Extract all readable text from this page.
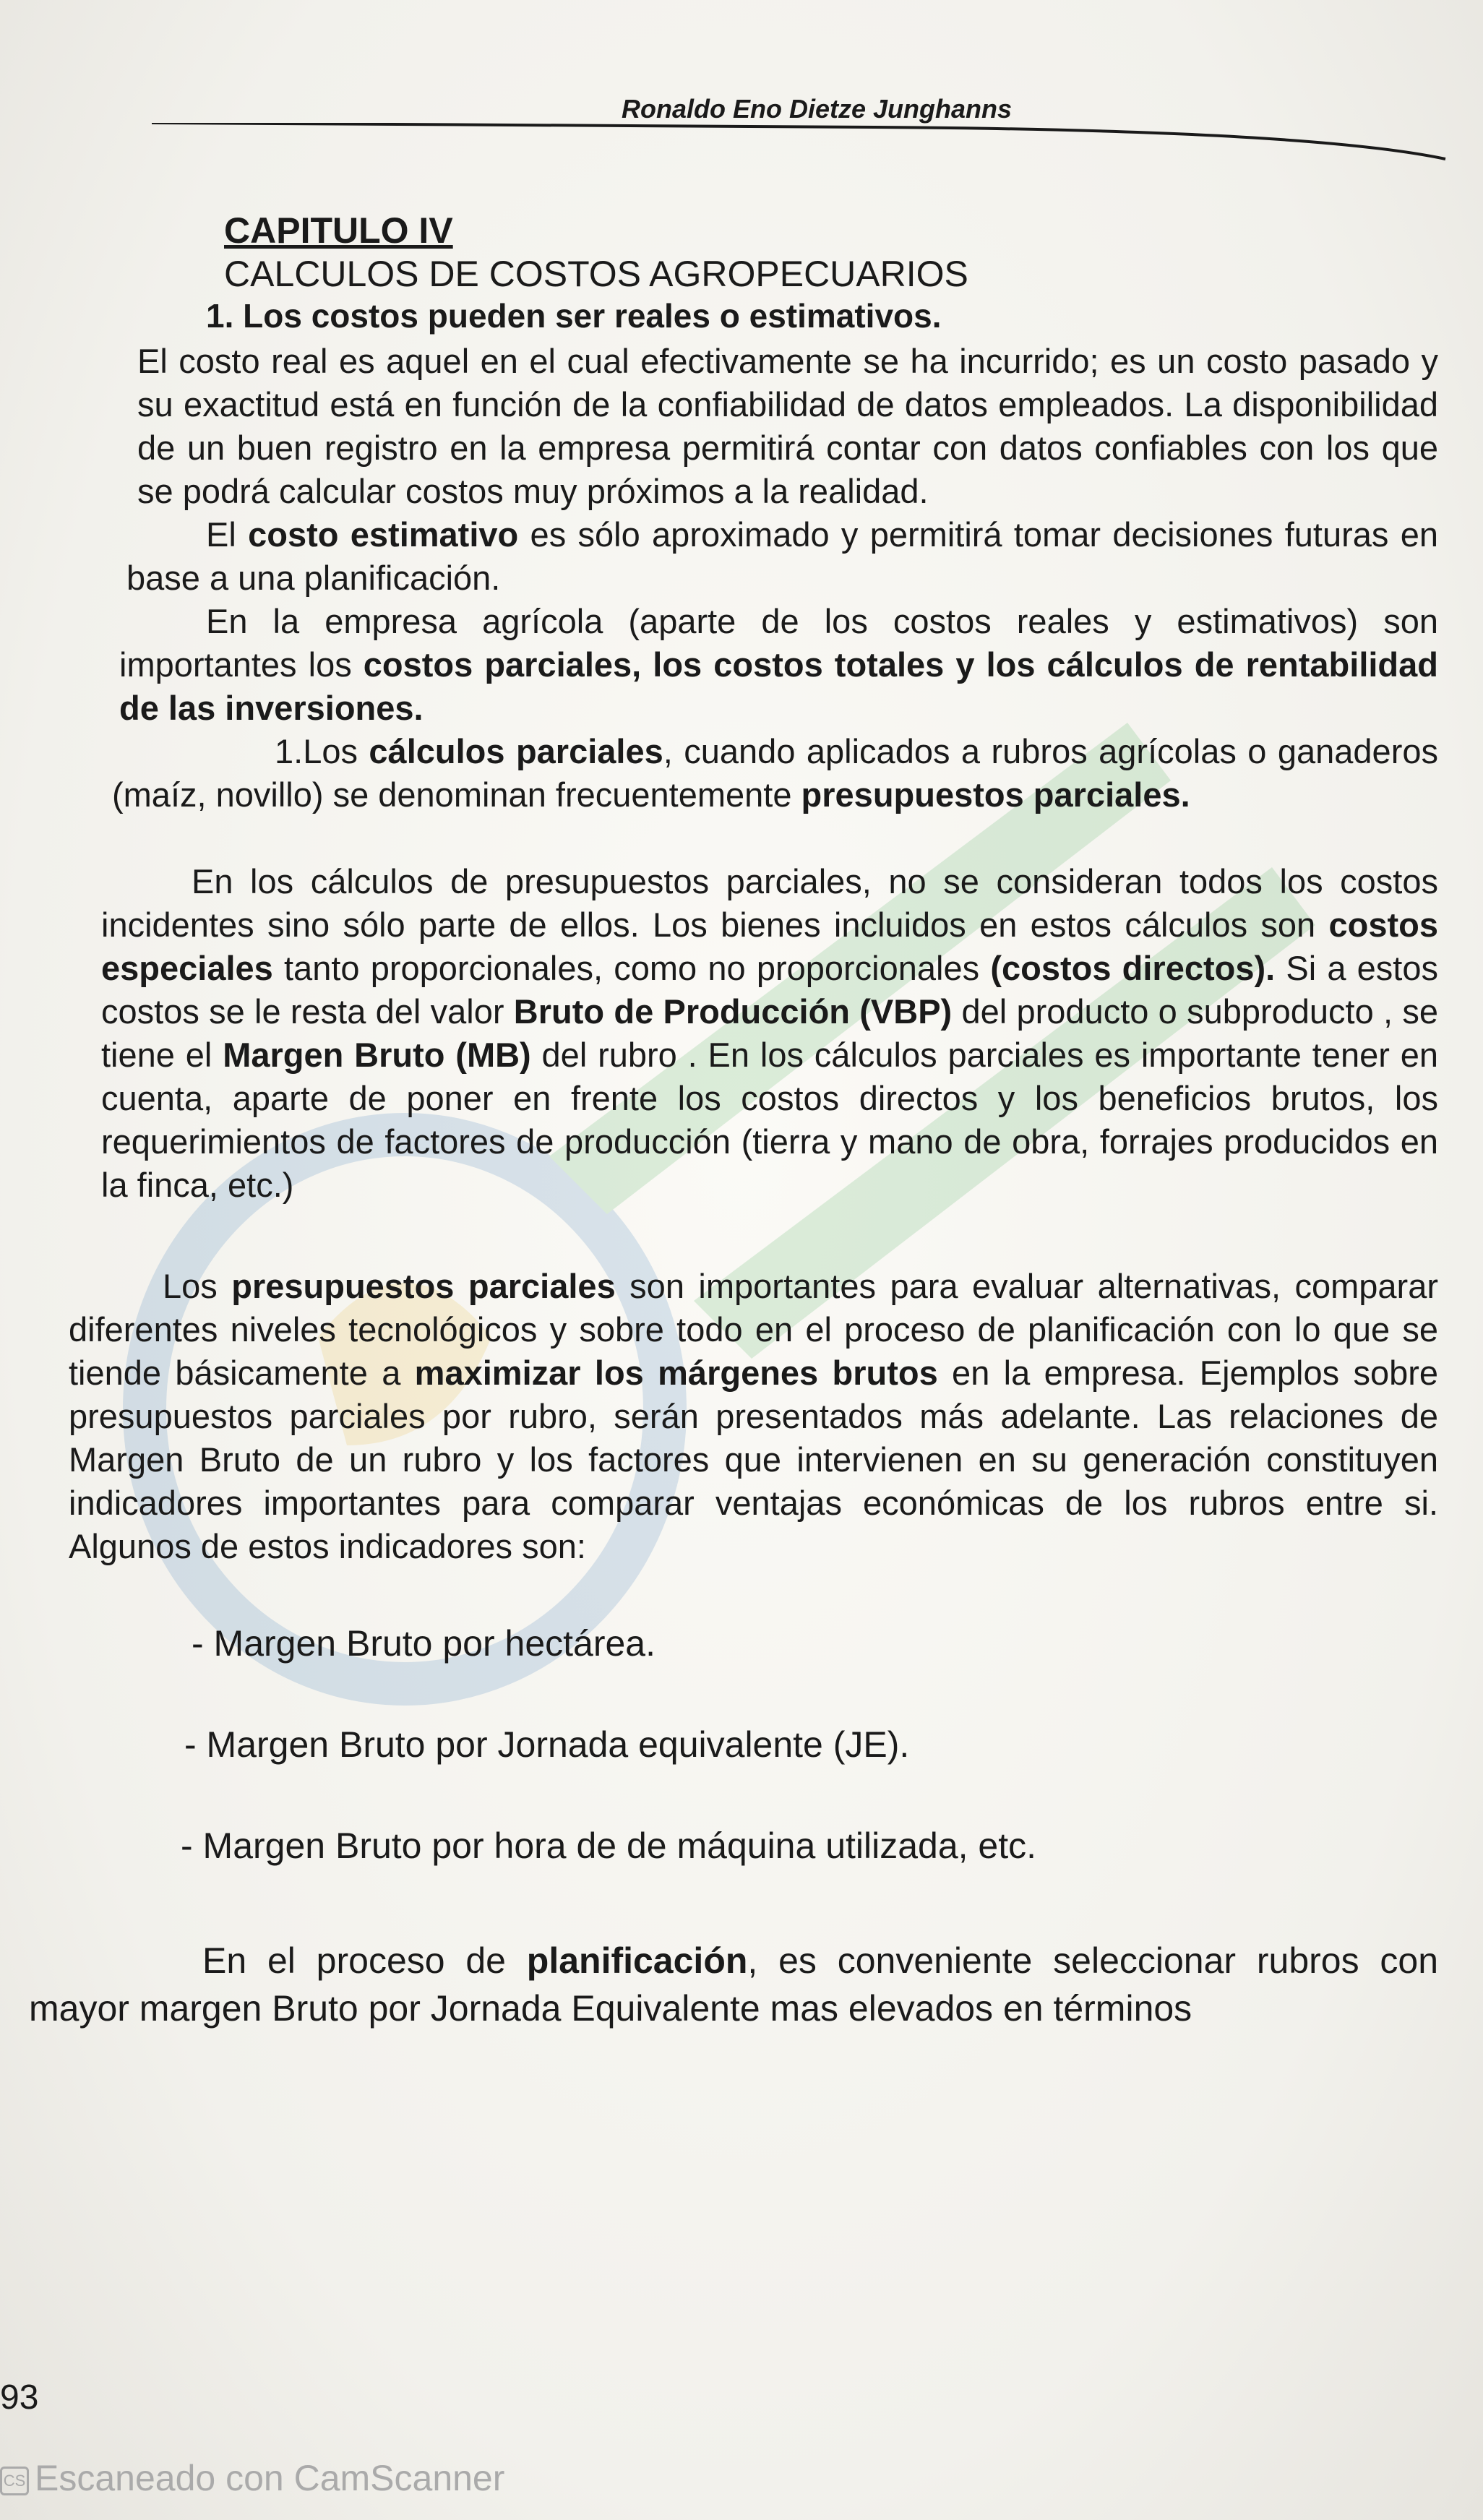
Ronaldo Eno Dietze Junghanns
CAPITULO IV
CALCULOS DE COSTOS AGROPECUARIOS
1. Los costos pueden ser reales o estimativos.
El costo real es aquel en el cual efectivamente se ha incurrido; es un costo pasado y su exactitud está en función de la confiabilidad de datos empleados. La disponibilidad de un buen registro en la empresa permitirá contar con datos confiables con los que se podrá calcular costos muy próximos a la realidad.
El costo estimativo es sólo aproximado y permitirá tomar decisiones futuras en base a una planificación.
En la empresa agrícola (aparte de los costos reales y estimativos) son importantes los costos parciales, los costos totales y los cálculos de rentabilidad de las inversiones.
1.Los cálculos parciales, cuando aplicados a rubros agrícolas o ganaderos (maíz, novillo) se denominan frecuentemente presupuestos parciales.
En los cálculos de presupuestos parciales, no se consideran todos los costos incidentes sino sólo parte de ellos. Los bienes incluidos en estos cálculos son costos especiales tanto proporcionales, como no proporcionales (costos directos). Si a estos costos se le resta del valor Bruto de Producción (VBP) del producto o subproducto , se tiene el Margen Bruto (MB) del rubro . En los cálculos parciales es importante tener en cuenta, aparte de poner en frente los costos directos y los beneficios brutos, los requerimientos de factores de producción (tierra y mano de obra, forrajes producidos en la finca, etc.)
Los presupuestos parciales son importantes para evaluar alternativas, comparar diferentes niveles tecnológicos y sobre todo en el proceso de planificación con lo que se tiende básicamente a maximizar los márgenes brutos en la empresa. Ejemplos sobre presupuestos parciales por rubro, serán presentados más adelante. Las relaciones de Margen Bruto de un rubro y los factores que intervienen en su generación constituyen indicadores importantes para comparar ventajas económicas de los rubros entre si. Algunos de estos indicadores son:
- Margen Bruto por hectárea.
- Margen Bruto por Jornada equivalente (JE).
- Margen Bruto por hora de de máquina utilizada, etc.
En el proceso de planificación, es conveniente seleccionar rubros con mayor margen Bruto por Jornada Equivalente mas elevados en términos
93
CS Escaneado con CamScanner
